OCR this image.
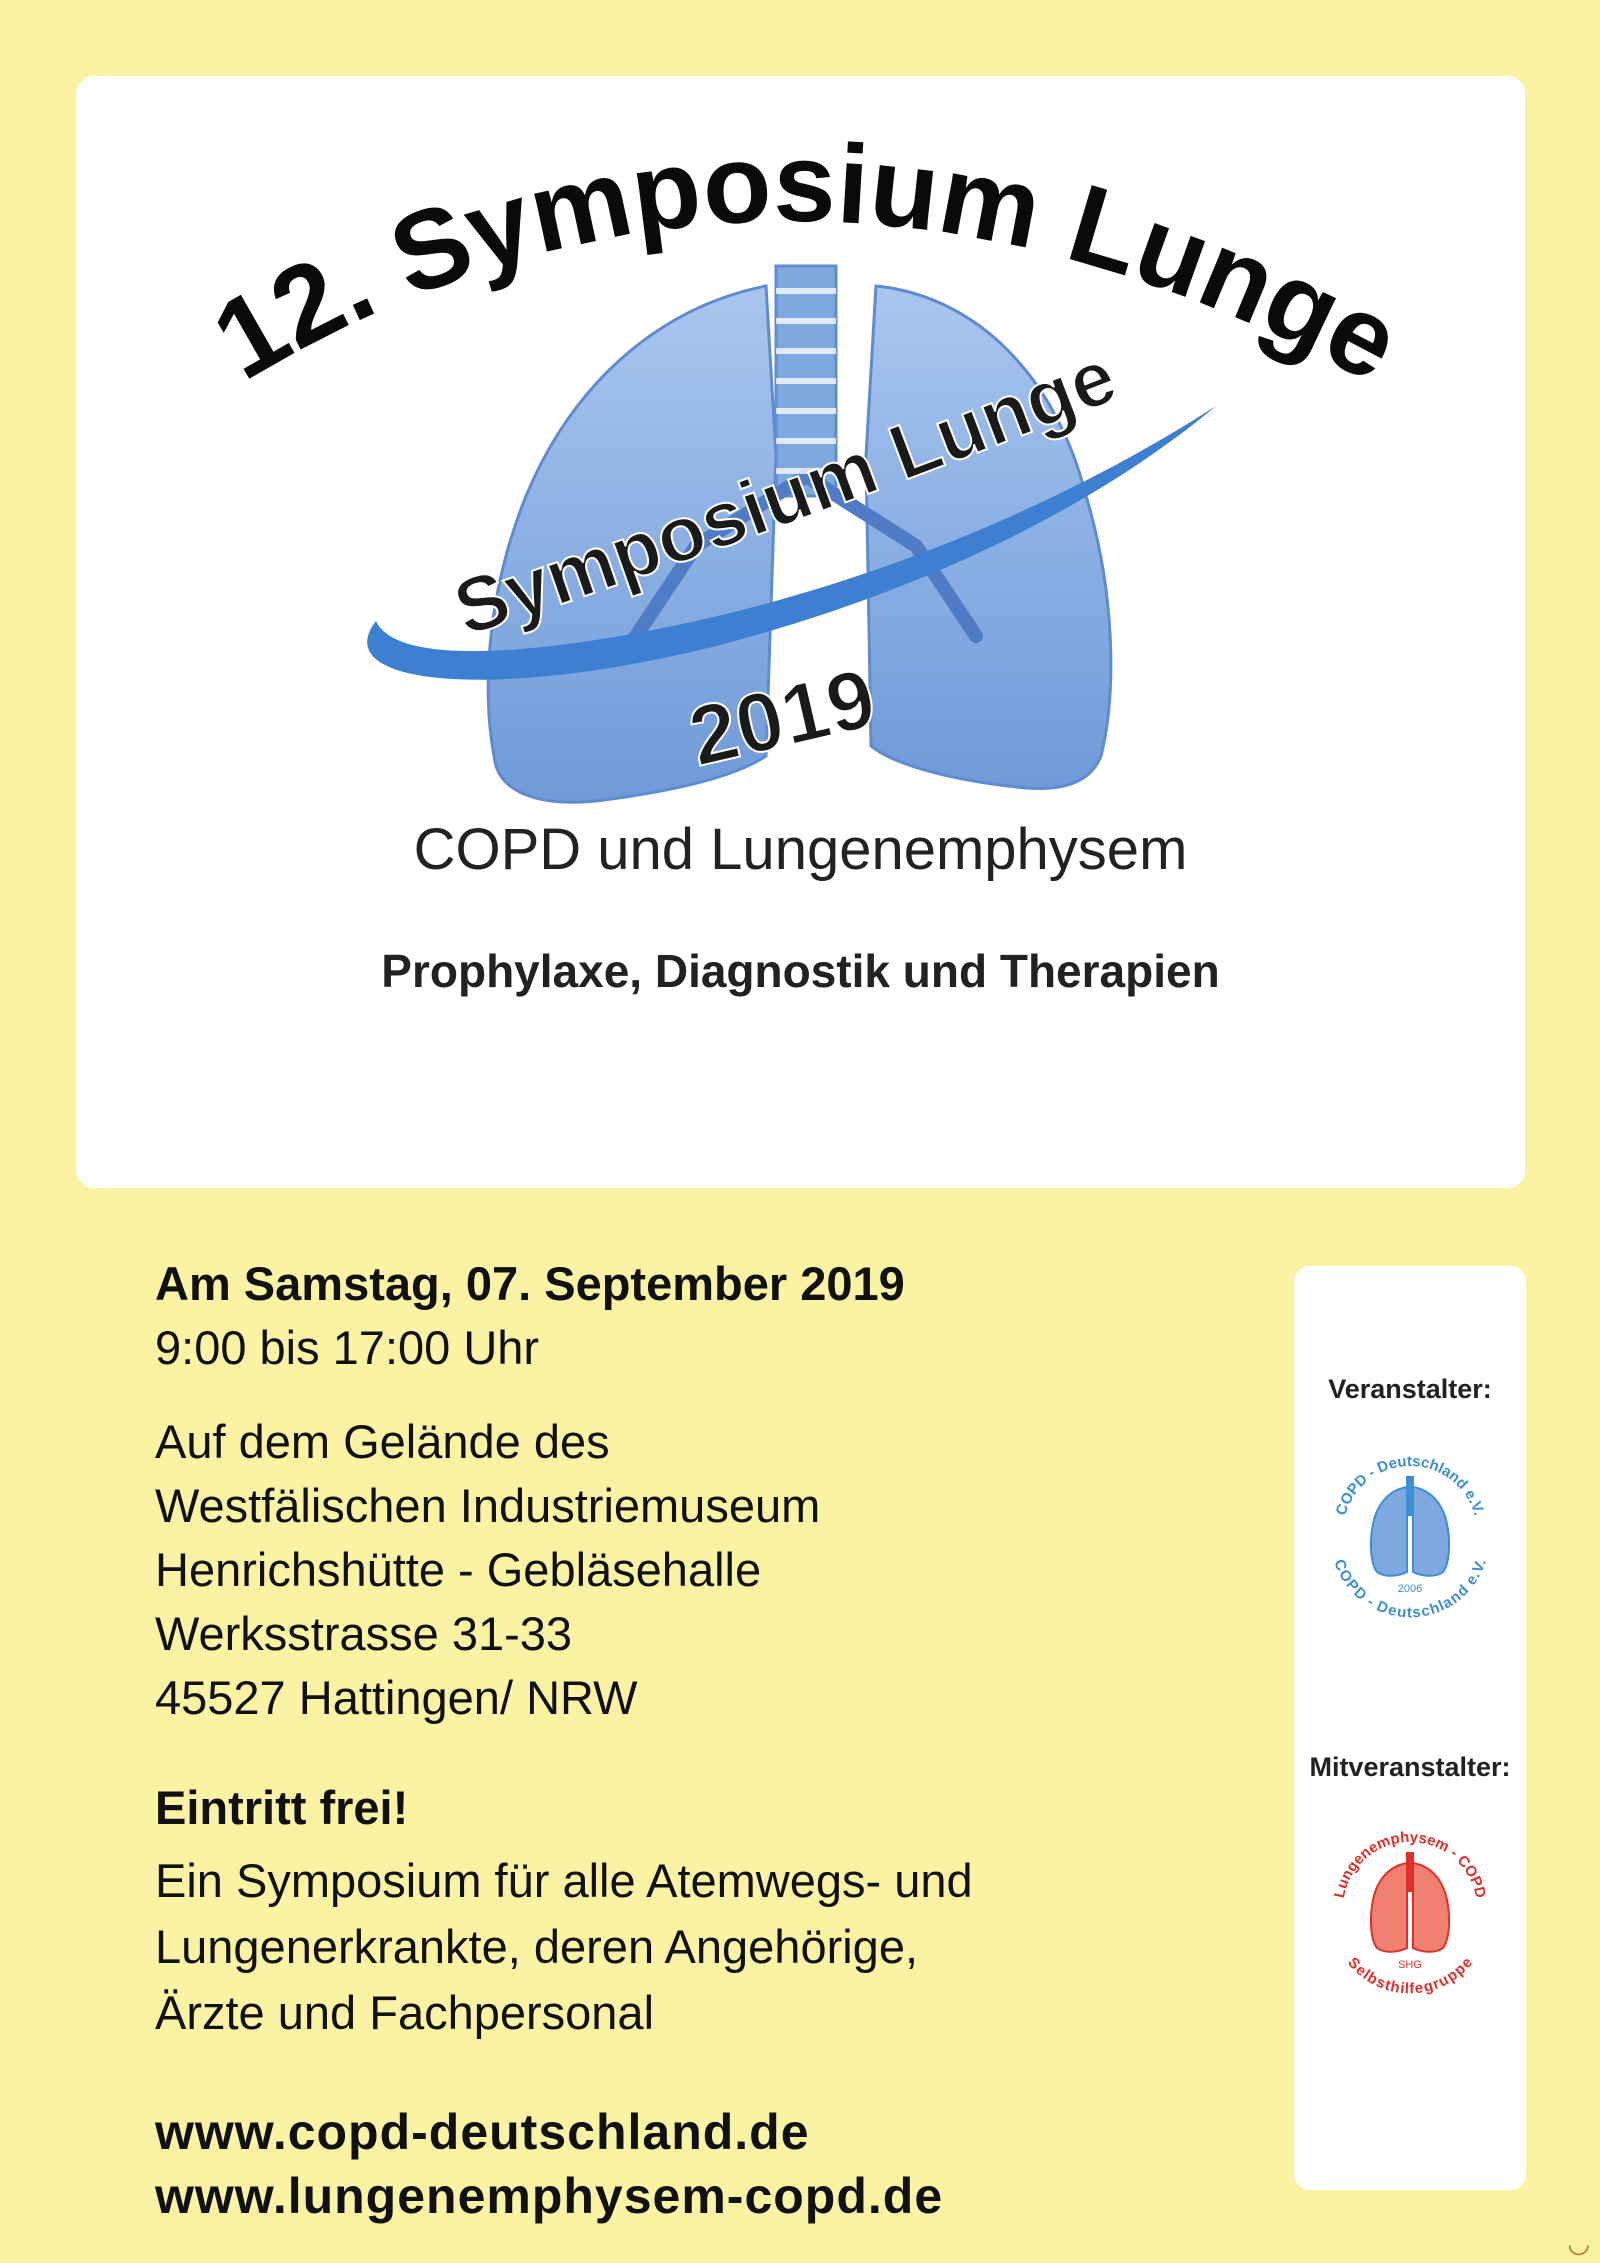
12. Symposium Lunge
Symposium Lunge
2019
COPD und Lungenemphysem
Prophylaxe, Diagnostik und Therapien
Am Samstag, 07. September 2019
9:00 bis 17:00 Uhr
Auf dem Gelände des
Westfälischen Industriemuseum
Henrichshütte - Gebläsehalle
Werksstrasse 31-33
45527 Hattingen/ NRW
Eintritt frei!
Ein Symposium für alle Atemwegs- und
Lungenerkrankte, deren Angehörige,
Ärzte und Fachpersonal
www.copd-deutschland.de
www.lungenemphysem-copd.de
Veranstalter:
COPD - Deutschland e.V.
COPD - Deutschland e.V.
2006
Mitveranstalter:
Lungenemphysem - COPD
Selbsthilfegruppe
SHG
◡
